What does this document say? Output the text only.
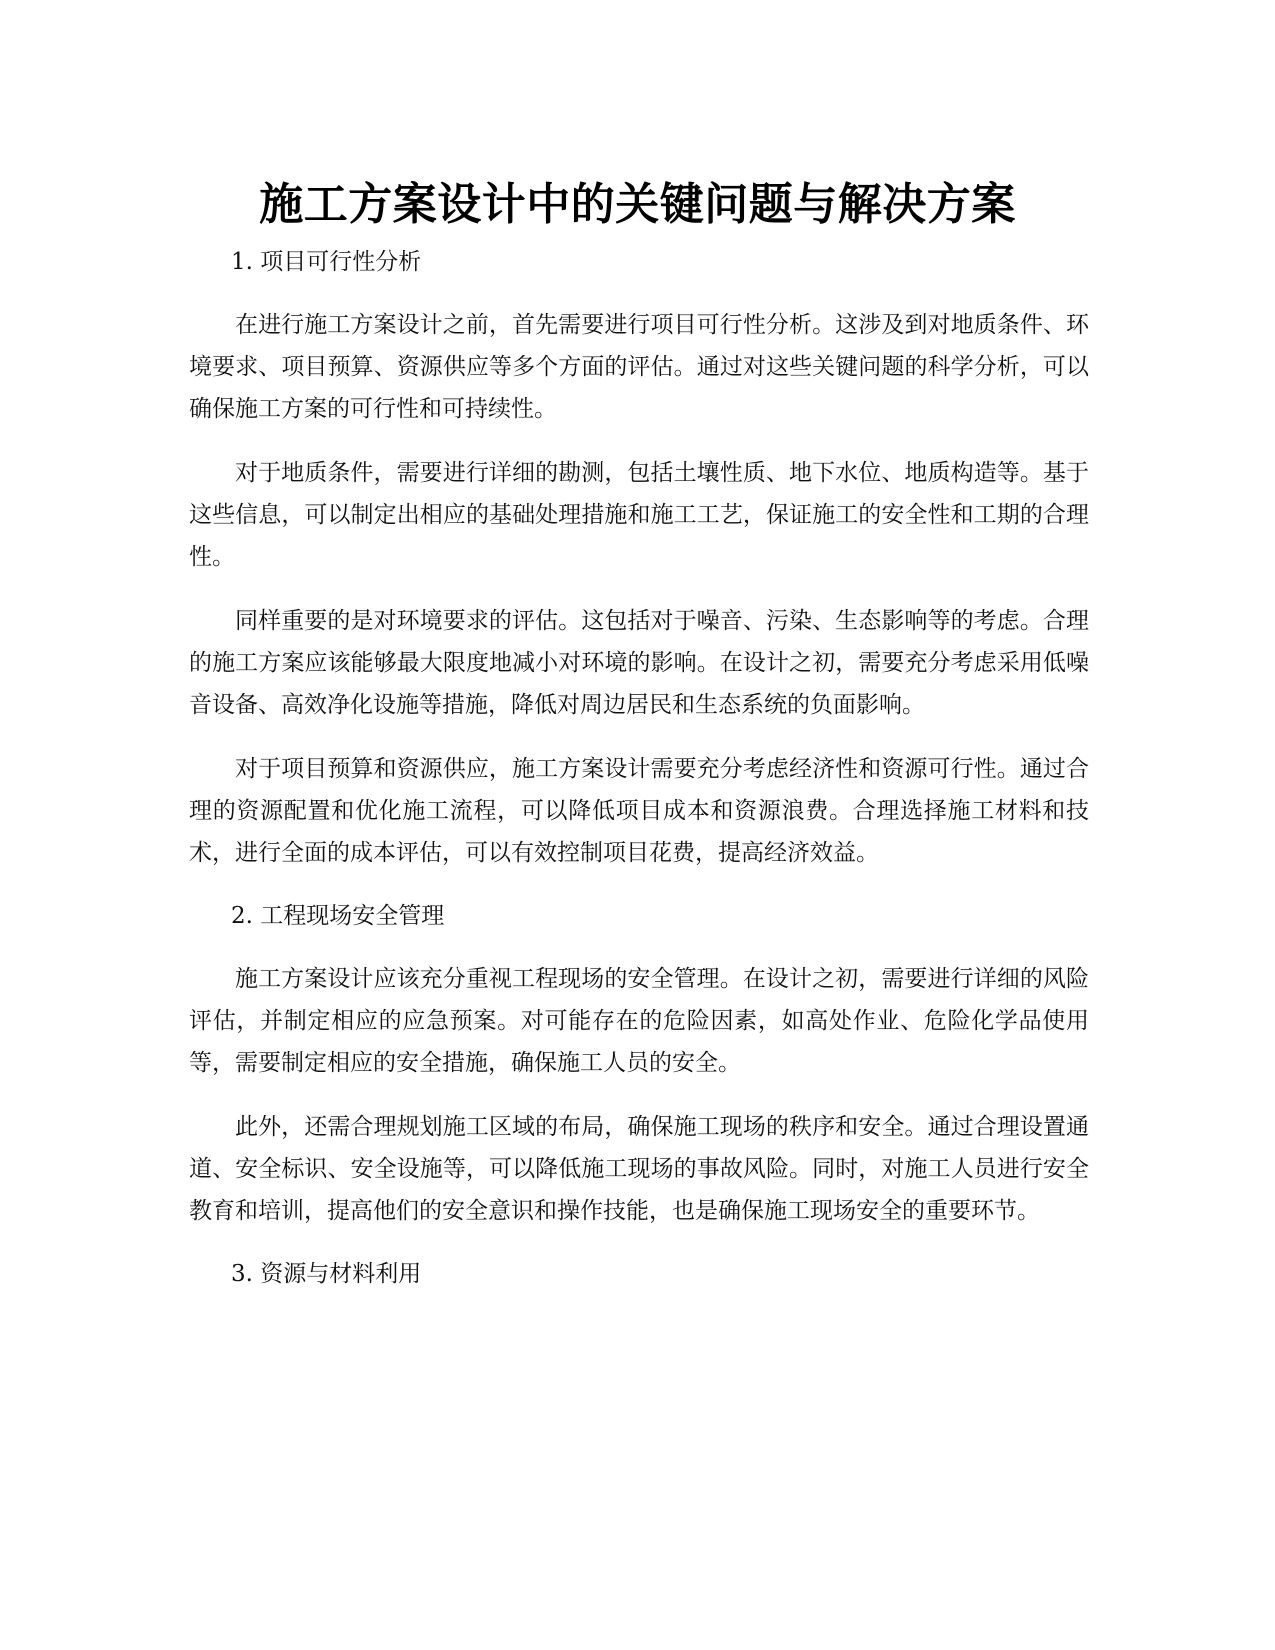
施工方案设计中的关键问题与解决方案

1. 项目可行性分析

在进行施工方案设计之前，首先需要进行项目可行性分析。这涉及到对地质条件、环境要求、项目预算、资源供应等多个方面的评估。通过对这些关键问题的科学分析，可以确保施工方案的可行性和可持续性。

对于地质条件，需要进行详细的勘测，包括土壤性质、地下水位、地质构造等。基于这些信息，可以制定出相应的基础处理措施和施工工艺，保证施工的安全性和工期的合理性。

同样重要的是对环境要求的评估。这包括对于噪音、污染、生态影响等的考虑。合理的施工方案应该能够最大限度地减小对环境的影响。在设计之初，需要充分考虑采用低噪音设备、高效净化设施等措施，降低对周边居民和生态系统的负面影响。

对于项目预算和资源供应，施工方案设计需要充分考虑经济性和资源可行性。通过合理的资源配置和优化施工流程，可以降低项目成本和资源浪费。合理选择施工材料和技术，进行全面的成本评估，可以有效控制项目花费，提高经济效益。

2. 工程现场安全管理

施工方案设计应该充分重视工程现场的安全管理。在设计之初，需要进行详细的风险评估，并制定相应的应急预案。对可能存在的危险因素，如高处作业、危险化学品使用等，需要制定相应的安全措施，确保施工人员的安全。

此外，还需合理规划施工区域的布局，确保施工现场的秩序和安全。通过合理设置通道、安全标识、安全设施等，可以降低施工现场的事故风险。同时，对施工人员进行安全教育和培训，提高他们的安全意识和操作技能，也是确保施工现场安全的重要环节。

3. 资源与材料利用
